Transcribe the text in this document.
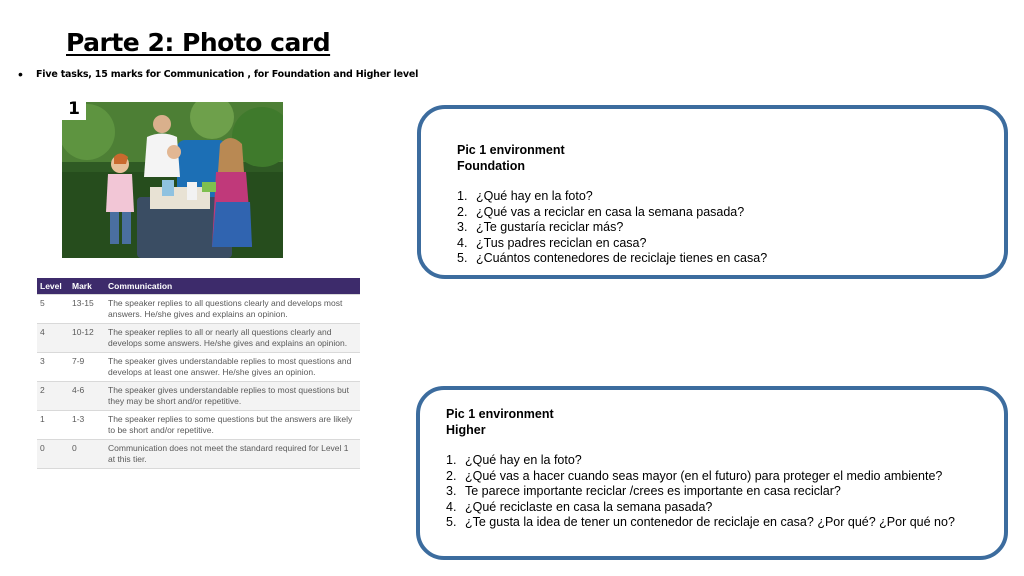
Parte 2: Photo card
•	Five tasks, 15 marks for Communication , for Foundation and Higher level
1
Level	Mark	Communication
5	13-15	The speaker replies to all questions clearly and develops most answers. He/she gives and explains an opinion.
4	10-12	The speaker replies to all or nearly all questions clearly and develops some answers. He/she gives and explains an opinion.
3	7-9	The speaker gives understandable replies to most questions and develops at least one answer. He/she gives an opinion.
2	4-6	The speaker gives understandable replies to most questions but they may be short and/or repetitive.
1	1-3	The speaker replies to some questions but the answers are likely to be short and/or repetitive.
0	0	Communication does not meet the standard required for Level 1 at this tier.
Pic 1 environment
Foundation
1. ¿Qué hay en la foto?
2. ¿Qué vas a reciclar en casa la semana pasada?
3. ¿Te gustaría reciclar más?
4. ¿Tus padres reciclan en casa?
5. ¿Cuántos contenedores de reciclaje tienes en casa?
Pic 1 environment
Higher
1. ¿Qué hay en la foto?
2. ¿Qué vas a hacer cuando seas mayor (en el futuro) para proteger el medio ambiente?
3. Te parece importante reciclar /crees es importante en casa reciclar?
4. ¿Qué reciclaste en casa la semana pasada?
5. ¿Te gusta la idea de tener un contenedor de reciclaje en casa? ¿Por qué? ¿Por qué no?
